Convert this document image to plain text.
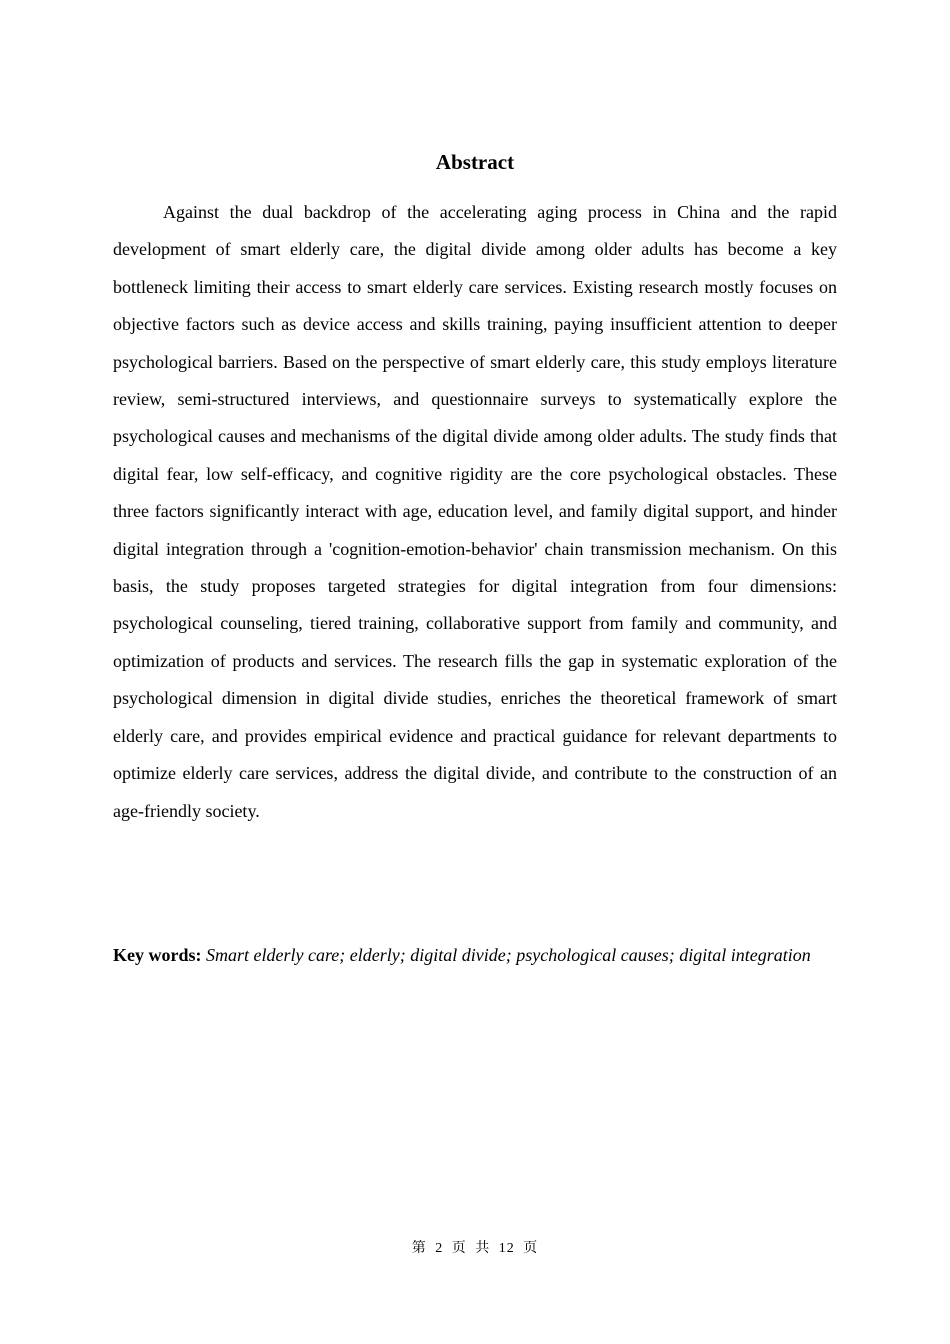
Abstract

Against the dual backdrop of the accelerating aging process in China and the rapid development of smart elderly care, the digital divide among older adults has become a key bottleneck limiting their access to smart elderly care services. Existing research mostly focuses on objective factors such as device access and skills training, paying insufficient attention to deeper psychological barriers. Based on the perspective of smart elderly care, this study employs literature review, semi-structured interviews, and questionnaire surveys to systematically explore the psychological causes and mechanisms of the digital divide among older adults. The study finds that digital fear, low self-efficacy, and cognitive rigidity are the core psychological obstacles. These three factors significantly interact with age, education level, and family digital support, and hinder digital integration through a 'cognition-emotion-behavior' chain transmission mechanism. On this basis, the study proposes targeted strategies for digital integration from four dimensions: psychological counseling, tiered training, collaborative support from family and community, and optimization of products and services. The research fills the gap in systematic exploration of the psychological dimension in digital divide studies, enriches the theoretical framework of smart elderly care, and provides empirical evidence and practical guidance for relevant departments to optimize elderly care services, address the digital divide, and contribute to the construction of an age-friendly society.

Key words: Smart elderly care; elderly; digital divide; psychological causes; digital integration

第 2 页 共 12 页
